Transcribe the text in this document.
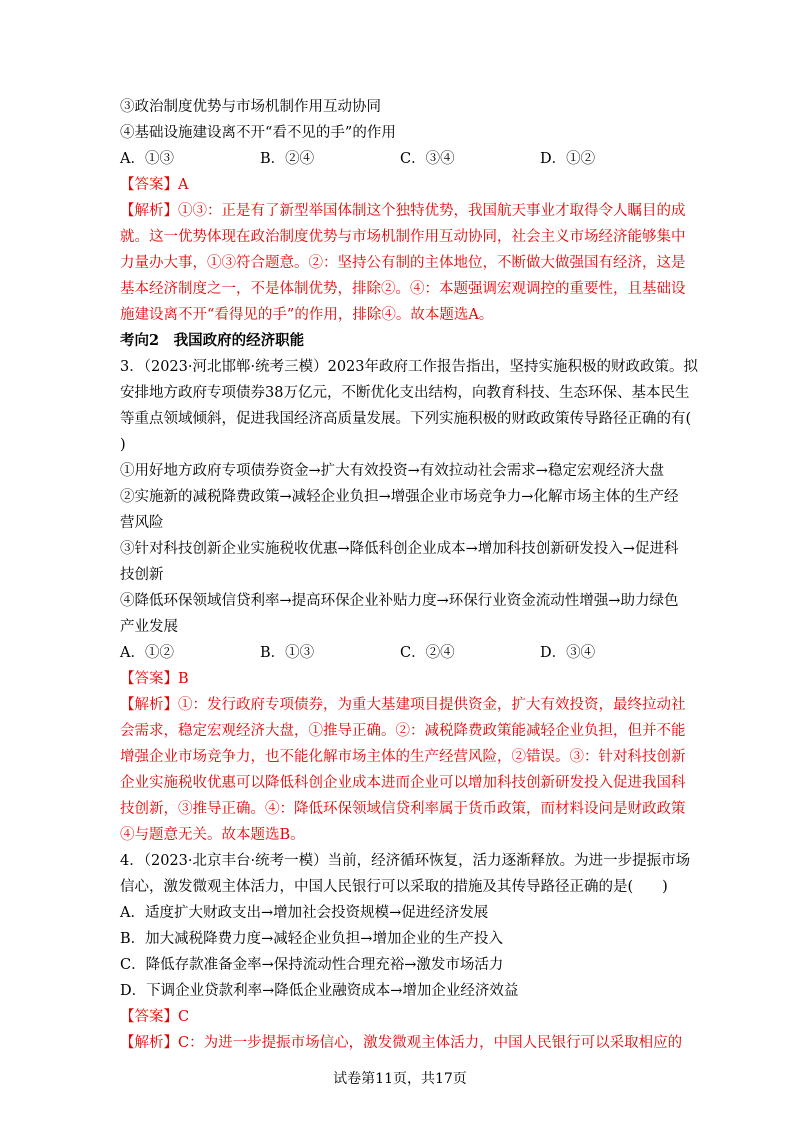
③政治制度优势与市场机制作用互动协同
④基础设施建设离不开“看不见的手”的作用
A．①③	B．②④	C．③④	D．①②
【答案】A
【解析】①③：正是有了新型举国体制这个独特优势，我国航天事业才取得令人瞩目的成
就。这一优势体现在政治制度优势与市场机制作用互动协同，社会主义市场经济能够集中
力量办大事，①③符合题意。②：坚持公有制的主体地位，不断做大做强国有经济，这是
基本经济制度之一，不是体制优势，排除②。④：本题强调宏观调控的重要性，且基础设
施建设离不开“看得见的手”的作用，排除④。故本题选A。
考向2　我国政府的经济职能
3．（2023·河北邯郸·统考三模）2023年政府工作报告指出，坚持实施积极的财政政策。拟
安排地方政府专项债券38万亿元，不断优化支出结构，向教育科技、生态环保、基本民生
等重点领域倾斜，促进我国经济高质量发展。下列实施积极的财政政策传导路径正确的有(
)
①用好地方政府专项债券资金→扩大有效投资→有效拉动社会需求→稳定宏观经济大盘
②实施新的减税降费政策→减轻企业负担→增强企业市场竞争力→化解市场主体的生产经
营风险
③针对科技创新企业实施税收优惠→降低科创企业成本→增加科技创新研发投入→促进科
技创新
④降低环保领域信贷利率→提高环保企业补贴力度→环保行业资金流动性增强→助力绿色
产业发展
A．①②	B．①③	C．②④	D．③④
【答案】B
【解析】①：发行政府专项债券，为重大基建项目提供资金，扩大有效投资，最终拉动社
会需求，稳定宏观经济大盘，①推导正确。②：减税降费政策能减轻企业负担，但并不能
增强企业市场竞争力，也不能化解市场主体的生产经营风险，②错误。③：针对科技创新
企业实施税收优惠可以降低科创企业成本进而企业可以增加科技创新研发投入促进我国科
技创新，③推导正确。④：降低环保领域信贷利率属于货币政策，而材料设问是财政政策
④与题意无关。故本题选B。
4．（2023·北京丰台·统考一模）当前，经济循环恢复，活力逐渐释放。为进一步提振市场
信心，激发微观主体活力，中国人民银行可以采取的措施及其传导路径正确的是(　　)
A．适度扩大财政支出→增加社会投资规模→促进经济发展
B．加大减税降费力度→减轻企业负担→增加企业的生产投入
C．降低存款准备金率→保持流动性合理充裕→激发市场活力
D．下调企业贷款利率→降低企业融资成本→增加企业经济效益
【答案】C
【解析】C：为进一步提振市场信心，激发微观主体活力，中国人民银行可以采取相应的
试卷第11页，共17页
